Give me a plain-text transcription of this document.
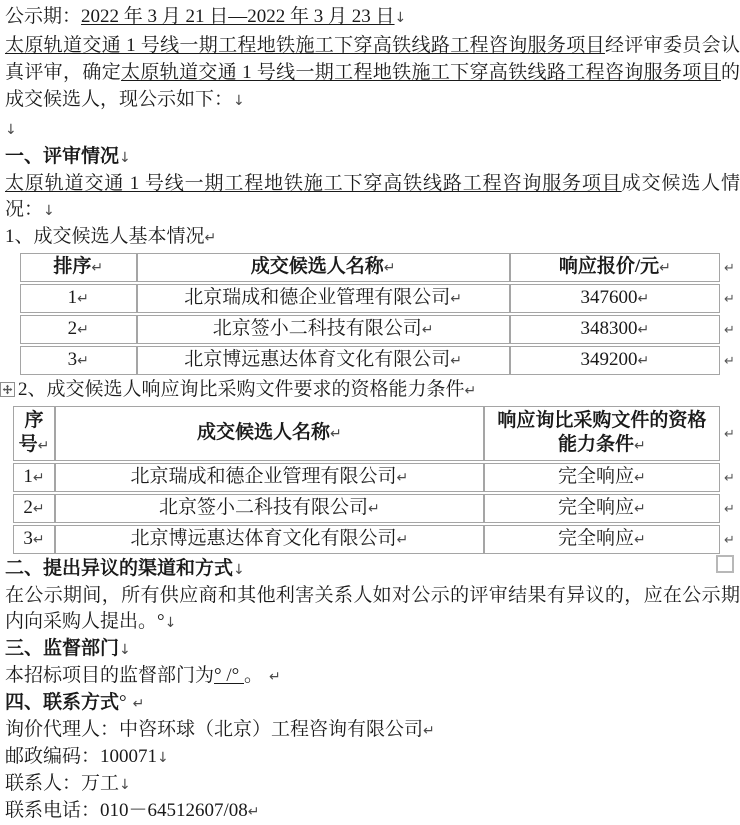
公示期：2022 年 3 月 21 日—2022 年 3 月 23 日↓

太原轨道交通 1 号线一期工程地铁施工下穿高铁线路工程咨询服务项目经评审委员会认真评审，确定太原轨道交通 1 号线一期工程地铁施工下穿高铁线路工程咨询服务项目的成交候选人，现公示如下：↓

↓

一、评审情况↓

太原轨道交通 1 号线一期工程地铁施工下穿高铁线路工程咨询服务项目成交候选人情况：↓

1、成交候选人基本情况↵

排序↵	成交候选人名称↵	响应报价/元↵	↵
1↵	北京瑞成和德企业管理有限公司↵	347600↵	↵
2↵	北京签小二科技有限公司↵	348300↵	↵
3↵	北京博远惠达体育文化有限公司↵	349200↵	↵

2、成交候选人响应询比采购文件要求的资格能力条件↵

序号↵	成交候选人名称↵	响应询比采购文件的资格能力条件↵	↵
1↵	北京瑞成和德企业管理有限公司↵	完全响应↵	↵
2↵	北京签小二科技有限公司↵	完全响应↵	↵
3↵	北京博远惠达体育文化有限公司↵	完全响应↵	↵

二、提出异议的渠道和方式↓

在公示期间，所有供应商和其他利害关系人如对公示的评审结果有异议的，应在公示期内向采购人提出。°↓

三、监督部门↓

本招标项目的监督部门为° /° 。 ↵

四、联系方式° ↵

询价代理人：中咨环球（北京）工程咨询有限公司↵

邮政编码：100071↓

联系人：万工↓

联系电话：010－64512607/08↵
